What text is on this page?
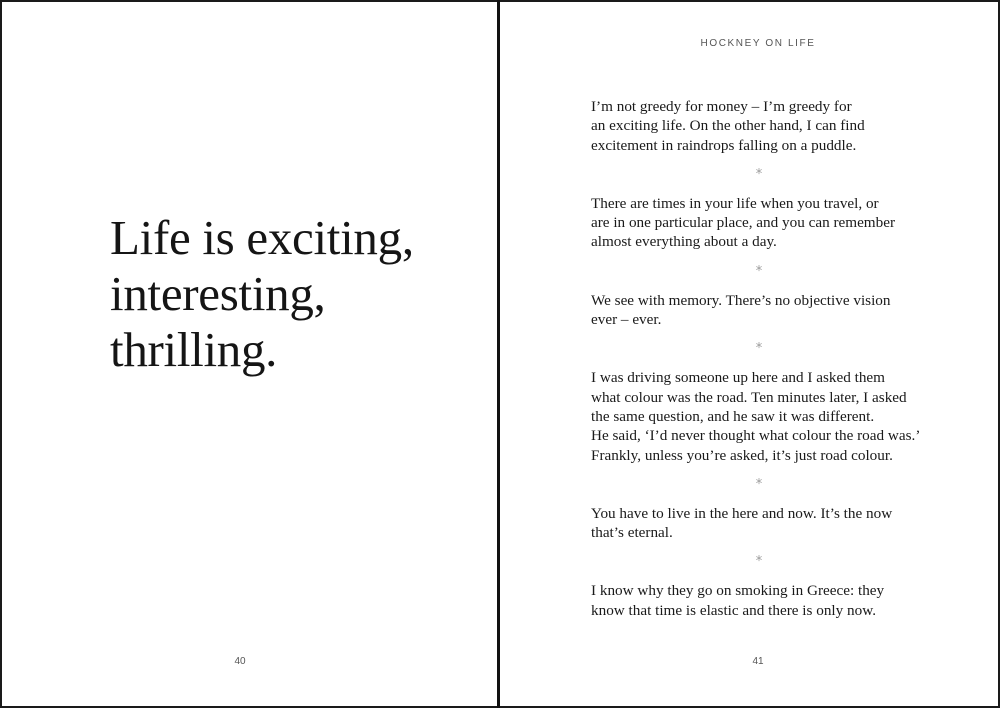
Life is exciting,
interesting,
thrilling.
40
HOCKNEY ON LIFE

I’m not greedy for money – I’m greedy for
an exciting life. On the other hand, I can find
excitement in raindrops falling on a puddle.

*

There are times in your life when you travel, or
are in one particular place, and you can remember
almost everything about a day.

*

We see with memory. There’s no objective vision
ever – ever.

*

I was driving someone up here and I asked them
what colour was the road. Ten minutes later, I asked
the same question, and he saw it was different.
He said, ‘I’d never thought what colour the road was.’
Frankly, unless you’re asked, it’s just road colour.

*

You have to live in the here and now. It’s the now
that’s eternal.

*

I know why they go on smoking in Greece: they
know that time is elastic and there is only now.

41
